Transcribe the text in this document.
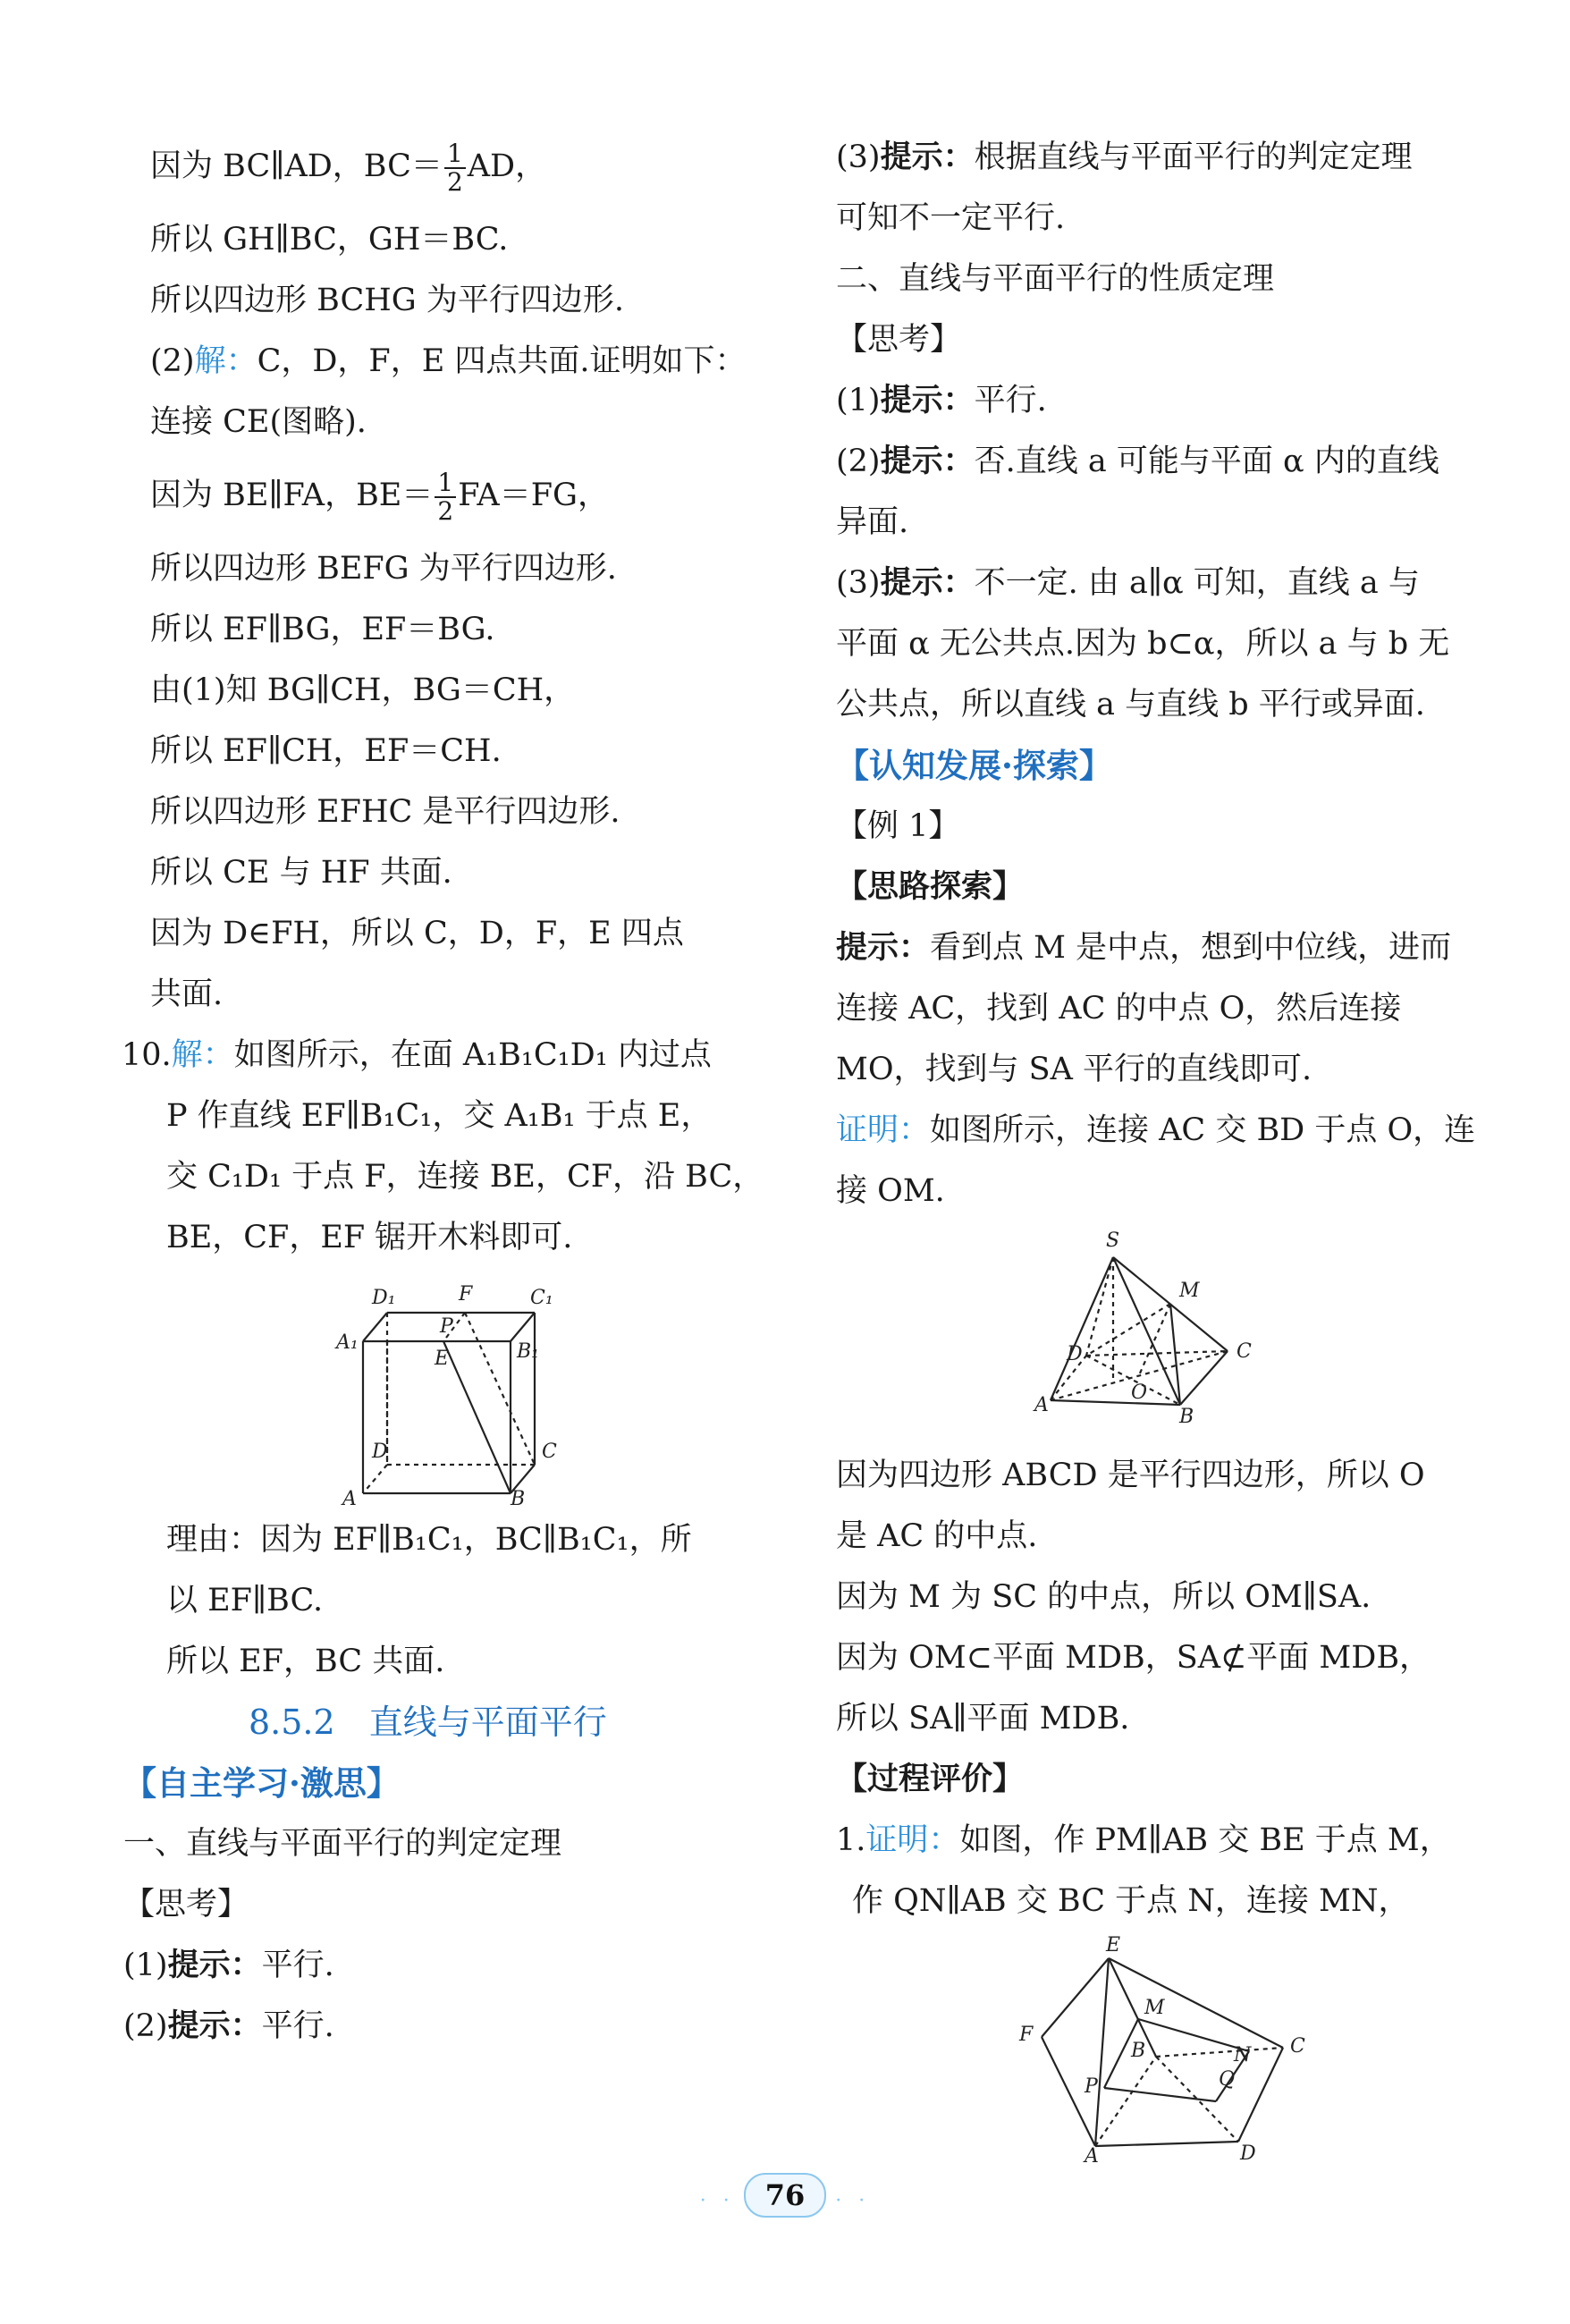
因为 BC∥AD，$BC= \frac{1}{2}$ AD，
所以 GH∥BC，GH＝BC.
所以四边形 BCHG 为平行四边形.
(2)解：C，D，F，E 四点共面.证明如下：
连接 CE(图略).
因为 BE∥FA，$BE= \frac{1}{2} FA=FG$，
所以四边形 BEFG 为平行四边形.
所以 EF∥BG，EF＝BG.
由(1)知 BG∥CH，BG＝CH，
所以 EF∥CH，EF＝CH.
所以四边形 EFHC 是平行四边形.
所以 CE 与 HF 共面.
因为 D∈FH，所以 C，D，F，E 四点
共面.
10.解：如图所示，在面 A₁B₁C₁D₁ 内过点
P 作直线 EF∥B₁C₁，交 A₁B₁ 于点 E，
交 C₁D₁ 于点 F，连接 BE，CF，沿 BC，
BE，CF，EF 锯开木料即可.
D₁	F	C₁
A₁
P
E	B₁
D	C
A	B
理由：因为 EF∥B₁C₁，BC∥B₁C₁，所
以 EF∥BC.
所以 EF，BC 共面.
8.5.2　直线与平面平行
【自主学习·激思】
一、直线与平面平行的判定定理
【思考】
(1)提示：平行.
(2)提示：平行.
(3)提示：根据直线与平面平行的判定定理
可知不一定平行.
二、直线与平面平行的性质定理
【思考】
(1)提示：平行.
(2)提示：否.直线 a 可能与平面 α 内的直线
异面.
(3)提示：不一定. 由 a∥α 可知，直线 a 与
平面 α 无公共点.因为 b⊂α，所以 a 与 b 无
公共点，所以直线 a 与直线 b 平行或异面.
【认知发展·探索】
【例 1】
【思路探索】
提示：看到点 M 是中点，想到中位线，进而
连接 AC，找到 AC 的中点 O，然后连接
MO，找到与 SA 平行的直线即可.
证明：如图所示，连接 AC 交 BD 于点 O，连
接 OM.
S
M
D	C
A
O
B
因为四边形 ABCD 是平行四边形，所以 O
是 AC 的中点.
因为 M 为 SC 的中点，所以 OM∥SA.
因为 OM⊂平面 MDB，SA⊄平面 MDB，
所以 SA∥平面 MDB.
【过程评价】
1.证明：如图，作 PM∥AB 交 BE 于点 M，
作 QN∥AB 交 BC 于点 N，连接 MN，
E
M
F
B	N C
P	Q
A	D
· · 76 · ·
